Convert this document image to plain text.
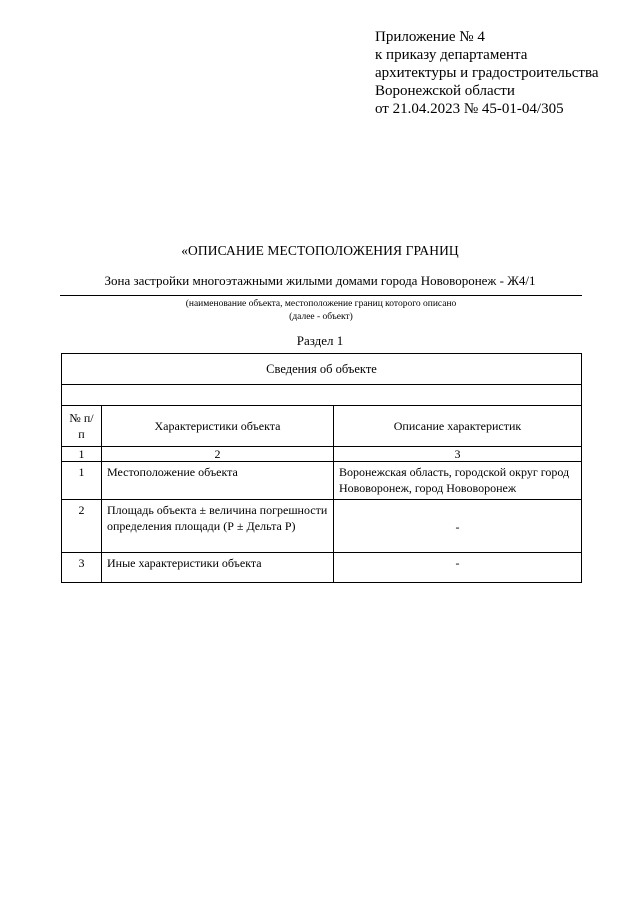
Приложение № 4
к приказу департамента
архитектуры и градостроительства
Воронежской области
от 21.04.2023 № 45-01-04/305
«ОПИСАНИЕ МЕСТОПОЛОЖЕНИЯ ГРАНИЦ
Зона застройки многоэтажными жилыми домами города Нововоронеж - Ж4/1
(наименование объекта, местоположение границ которого описано
(далее - объект)
Раздел 1
Сведения об объекте		

№ п/п	Характеристики объекта	Описание характеристик
1	2	3
1	Местоположение объекта	Воронежская область, городской округ город Нововоронеж, город Нововоронеж
2	Площадь объекта ± величина погрешности определения площади (Р ± Дельта Р)	-
3	Иные характеристики объекта	-
